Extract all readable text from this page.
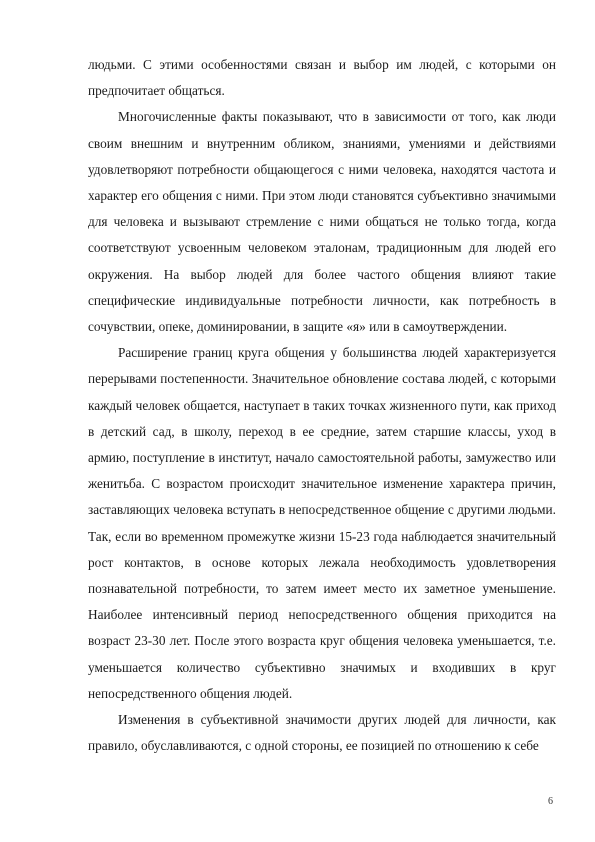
людьми. С этими особенностями связан и выбор им людей, с которыми он предпочитает общаться.

Многочисленные факты показывают, что в зависимости от того, как люди своим внешним и внутренним обликом, знаниями, умениями и действиями удовлетворяют потребности общающегося с ними человека, находятся частота и характер его общения с ними. При этом люди становятся субъективно значимыми для человека и вызывают стремление с ними общаться не только тогда, когда соответствуют усвоенным человеком эталонам, традиционным для людей его окружения. На выбор людей для более частого общения влияют такие специфические индивидуальные потребности личности, как потребность в сочувствии, опеке, доминировании, в защите «я» или в самоутверждении.

Расширение границ круга общения у большинства людей характеризуется перерывами постепенности. Значительное обновление состава людей, с которыми каждый человек общается, наступает в таких точках жизненного пути, как приход в детский сад, в школу, переход в ее средние, затем старшие классы, уход в армию, поступление в институт, начало самостоятельной работы, замужество или женитьба. С возрастом происходит значительное изменение характера причин, заставляющих человека вступать в непосредственное общение с другими людьми. Так, если во временном промежутке жизни 15-23 года наблюдается значительный рост контактов, в основе которых лежала необходимость удовлетворения познавательной потребности, то затем имеет место их заметное уменьшение. Наиболее интенсивный период непосредственного общения приходится на возраст 23-30 лет. После этого возраста круг общения человека уменьшается, т.е. уменьшается количество субъективно значимых и входивших в круг непосредственного общения людей.

Изменения в субъективной значимости других людей для личности, как правило, обуславливаются, с одной стороны, ее позицией по отношению к себе

6
